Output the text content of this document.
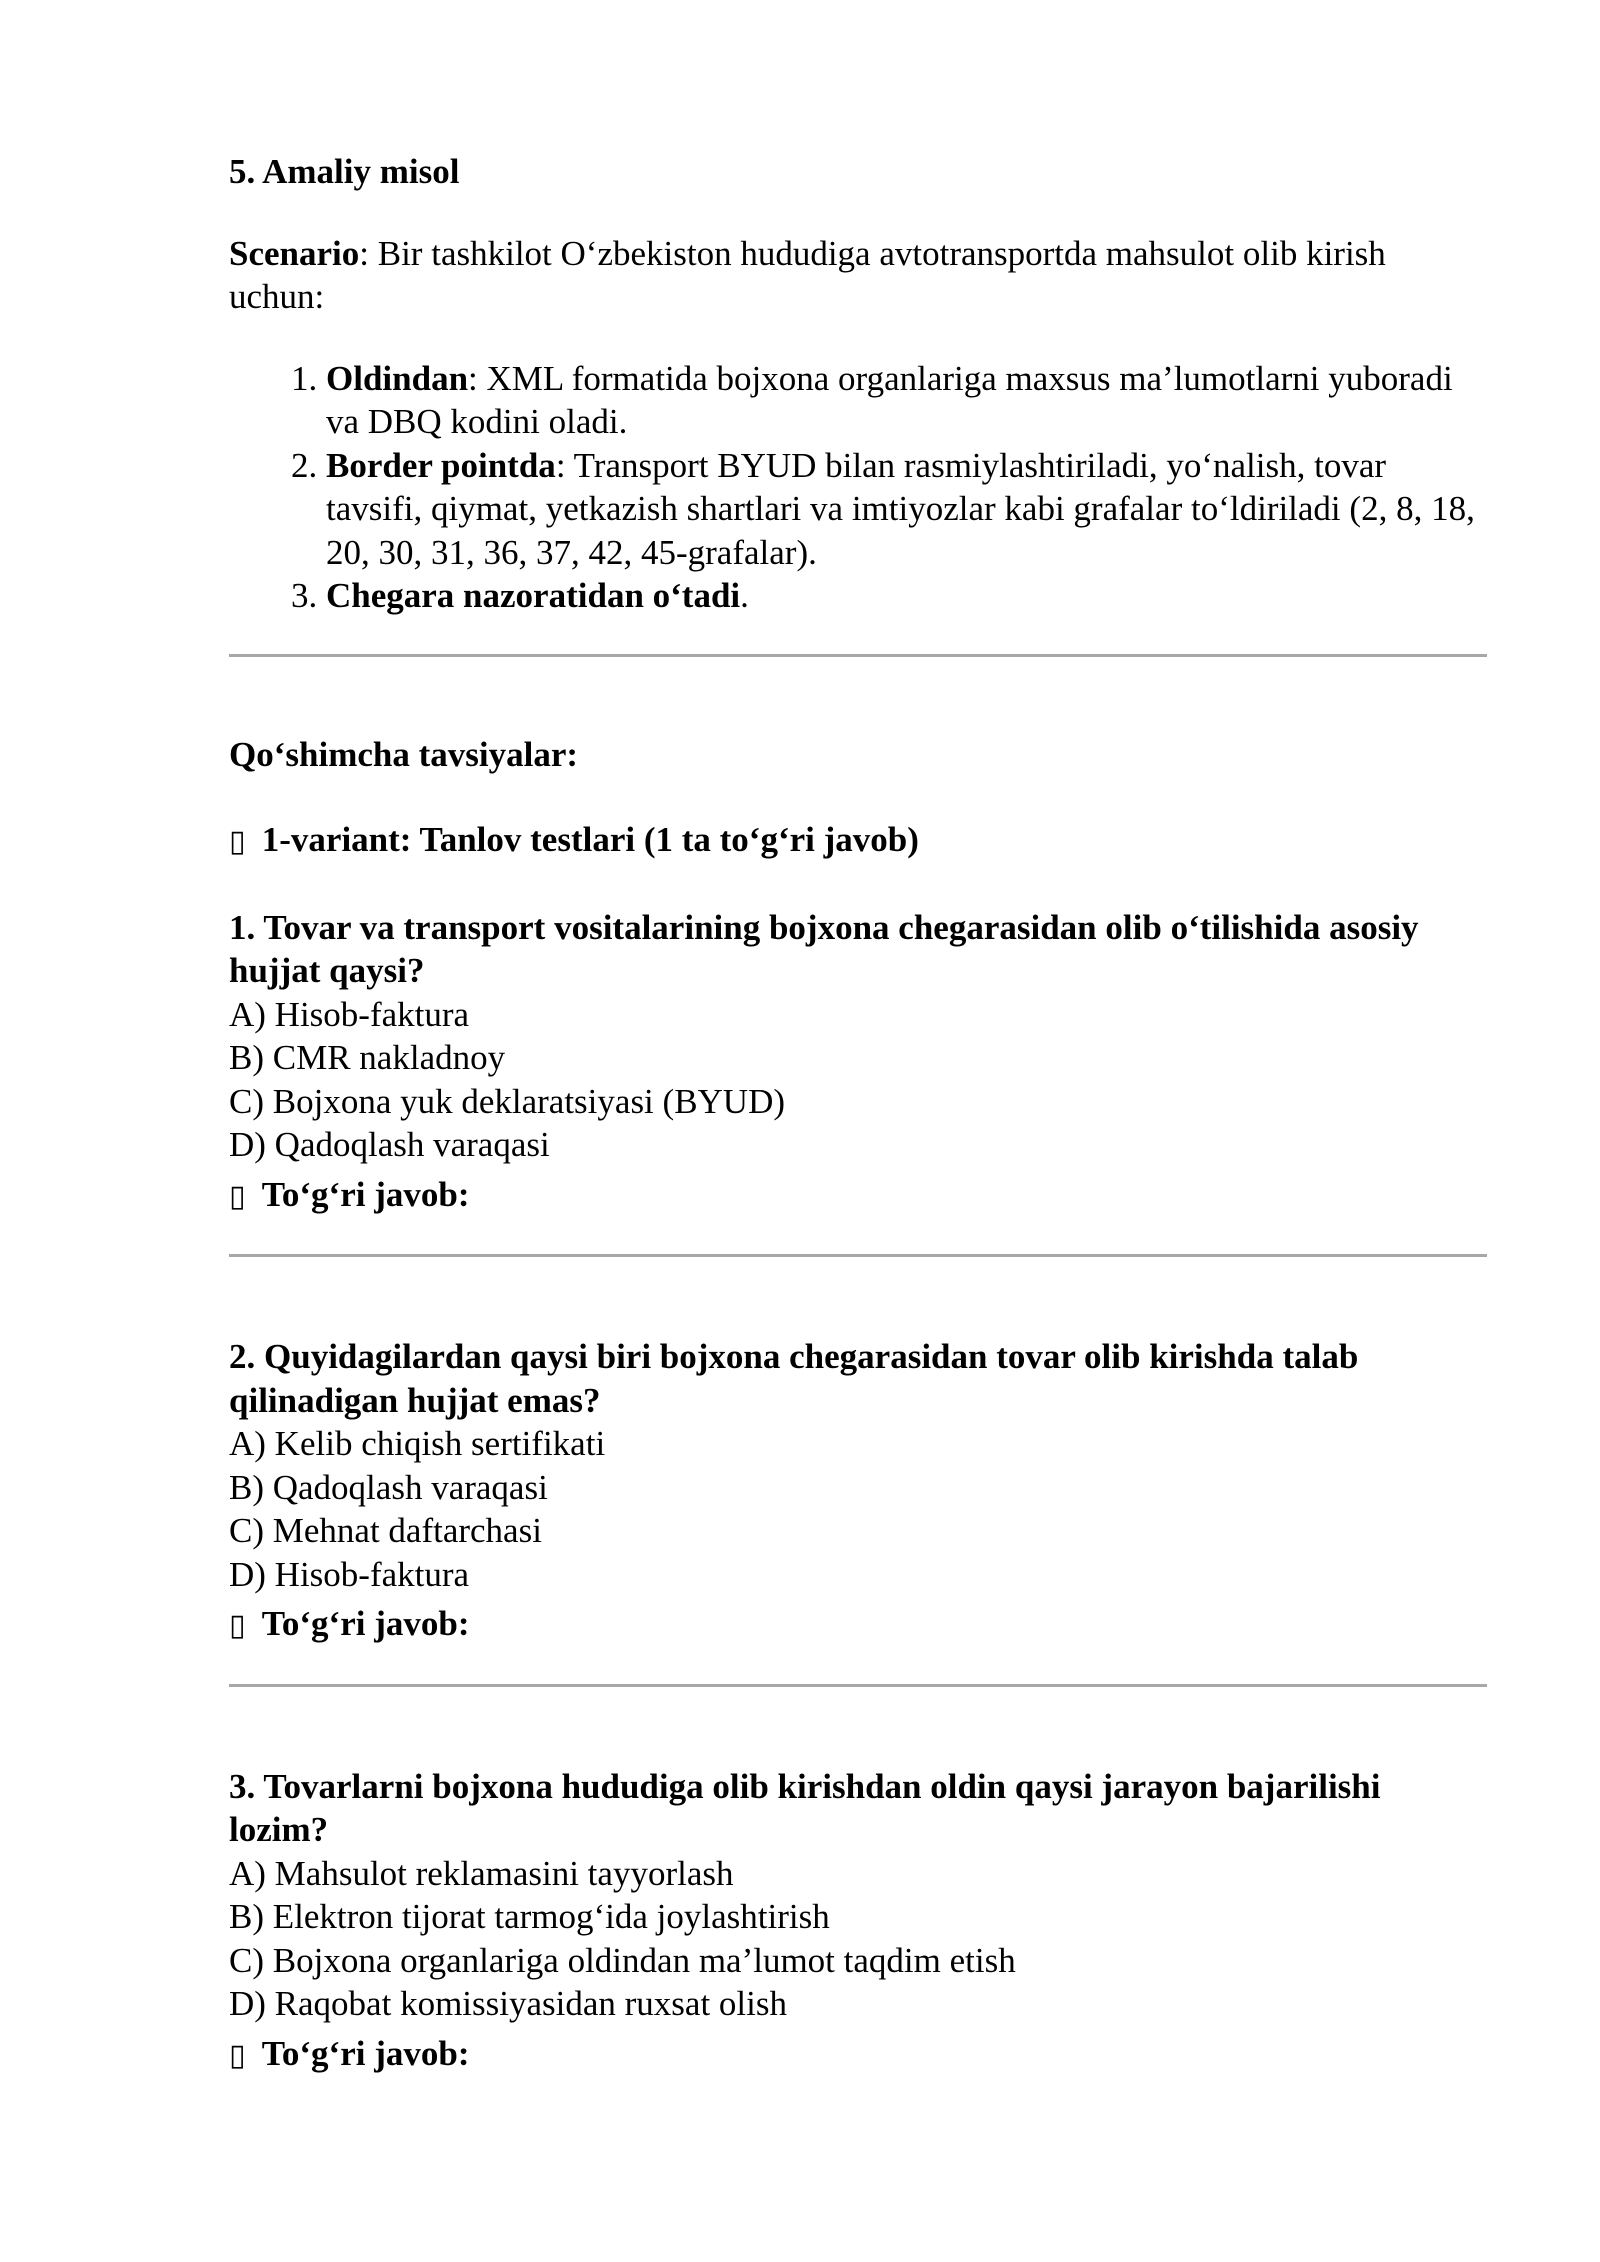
5. Amaliy misol

Scenario: Bir tashkilot O‘zbekiston hududiga avtotransportda mahsulot olib kirish uchun:

1. Oldindan: XML formatida bojxona organlariga maxsus ma’lumotlarni yuboradi va DBQ kodini oladi.
2. Border pointda: Transport BYUD bilan rasmiylashtiriladi, yo‘nalish, tovar tavsifi, qiymat, yetkazish shartlari va imtiyozlar kabi grafalar to‘ldiriladi (2, 8, 18, 20, 30, 31, 36, 37, 42, 45-grafalar).
3. Chegara nazoratidan o‘tadi.

Qo‘shimcha tavsiyalar:

▯ 1-variant: Tanlov testlari (1 ta to‘g‘ri javob)

1. Tovar va transport vositalarining bojxona chegarasidan olib o‘tilishida asosiy hujjat qaysi?

A) Hisob-faktura

B) CMR nakladnoy

C) Bojxona yuk deklaratsiyasi (BYUD)

D) Qadoqlash varaqasi

▯ To‘g‘ri javob:

2. Quyidagilardan qaysi biri bojxona chegarasidan tovar olib kirishda talab qilinadigan hujjat emas?

A) Kelib chiqish sertifikati

B) Qadoqlash varaqasi

C) Mehnat daftarchasi

D) Hisob-faktura

▯ To‘g‘ri javob:

3. Tovarlarni bojxona hududiga olib kirishdan oldin qaysi jarayon bajarilishi lozim?

A) Mahsulot reklamasini tayyorlash

B) Elektron tijorat tarmog‘ida joylashtirish

C) Bojxona organlariga oldindan ma’lumot taqdim etish

D) Raqobat komissiyasidan ruxsat olish

▯ To‘g‘ri javob:
